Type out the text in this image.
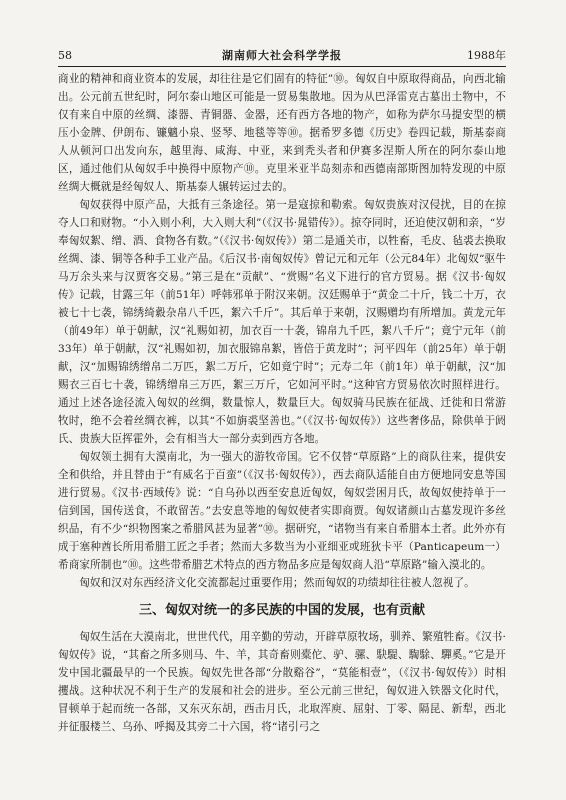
58	湖南师大社会科学学报	1988年

商业的精神和商业资本的发展，却往往是它们固有的特征”⑩。匈奴自中原取得商品，向西北输出。公元前五世纪时，阿尔泰山地区可能是一贸易集散地。因为从巴泽雷克古墓出土物中，不仅有来自中原的丝绸、漆器、青铜器、金器，还有西方各地的物产，如称为萨尔马提安型的横压小金牌、伊朗布、镰魑小泉、竖琴、地毯等等⑩。据希罗多德《历史》卷四记载，斯基泰商人从顿河口出发向东，越里海、咸海、中亚，来到秃头者和伊赛多涅斯人所在的阿尔泰山地区，通过他们从匈奴手中换得中原物产⑩。克里米亚半岛刻赤和西德南部斯图加特发现的中原丝绸大概就是经匈奴人、斯基泰人辗转运过去的。

匈奴获得中原产品，大抵有三条途径。第一是寇掠和勒索。匈奴贵族对汉侵扰，目的在掠夺人口和财物。“小入则小利，大入则大利”（《汉书·晁错传》）。掠夺同时，还迫使汉朝和亲，“岁奉匈奴絮、缯、酒、食物各有数。”（《汉书·匈奴传》）第二是通关市，以牲畜，毛皮、毡裘去换取丝绸、漆、铜等各种手工业产品。《后汉书·南匈奴传》曾记元和元年（公元84年）北匈奴“驱牛马万余头来与汉贾客交易。”第三是在“贡献”、“赏赐”名义下进行的官方贸易。据《汉书·匈奴传》记载，甘露三年（前51年）呼韩邪单于附汉来朝。汉廷赐单于“黄金二十斤，钱二十万，衣被七十七袭，锦绣绮縠杂帛八千匹，絮六千斤”。其后单于来朝，汉赐赠均有所增加。黄龙元年（前49年）单于朝献，汉“礼赐如初，加衣百一十袭，锦帛九千匹，絮八千斤”；竟宁元年（前33年）单于朝献，汉“礼赐如初，加衣服锦帛絮，皆倍于黄龙时”；河平四年（前25年）单于朝献，汉“加赐锦绣缯帛二万匹，絮二万斤，它如竟宁时”；元寿二年（前1年）单于朝献，汉“加赐衣三百七十袭，锦绣缯帛三万匹，絮三万斤，它如河平时。”这种官方贸易依次时照样进行。通过上述各途径流入匈奴的丝绸，数量惊人，数量巨大。匈奴骑马民族在征战、迁徙和日常游牧时，绝不会着丝绸衣裤，以其“不如旃裘坚善也。”（《汉书·匈奴传》）这些奢侈品，除供单于阏氏、贵族大臣挥霍外，会有相当大一部分卖到西方各地。

匈奴领土拥有大漠南北，为一强大的游牧帝国。它不仅替“草原路”上的商队往来，提供安全和供给，并且替由于“有威名于百蛮”（《汉书·匈奴传》），西去商队适能自由方便地同安息等国进行贸易。《汉书·西域传》说：“自乌孙以西至安息近匈奴，匈奴尝困月氏，故匈奴使持单于一信到国，国传送食，不敢留苦。”去安息等地的匈奴使者实即商贾。匈奴诸颜山古墓发现许多丝织品，有不少“织物图案之希腊风甚为显著”⑩。据研究，“诸物当有来自希腊本土者。此外亦有成于塞种酋长所用希腊工匠之手者；然而大多数当为小亚细亚或班狄卡平（Panticapeum一）希商家所制也”⑩。这些带希腊艺术特点的西方物品多应是匈奴商人沿“草原路”输入漠北的。

匈奴和汉对东西经济文化交流都起过重要作用；然而匈奴的功绩却往往被人忽视了。

三、匈奴对统一的多民族的中国的发展，也有贡献

匈奴生活在大漠南北，世世代代，用辛勤的劳动，开辟草原牧场，驯养、繁殖牲畜。《汉书·匈奴传》说，“其畜之所多则马、牛、羊，其奇畜则橐佗、驴、骡、駃騠、騊駼、驒奚。”它是开发中国北疆最早的一个民族。匈奴先世各部“分散谿谷”，“莫能相壹”，（《汉书·匈奴传》）时相攫战。这种状况不利于生产的发展和社会的进步。至公元前三世纪，匈奴进入铁器文化时代，冒顿单于起而统一各部，又东灭东胡，西击月氏，北取浑庾、屈射、丁零、隔昆、新犁，西北并征服楼兰、乌孙、呼揭及其旁二十六国，将“诸引弓之
